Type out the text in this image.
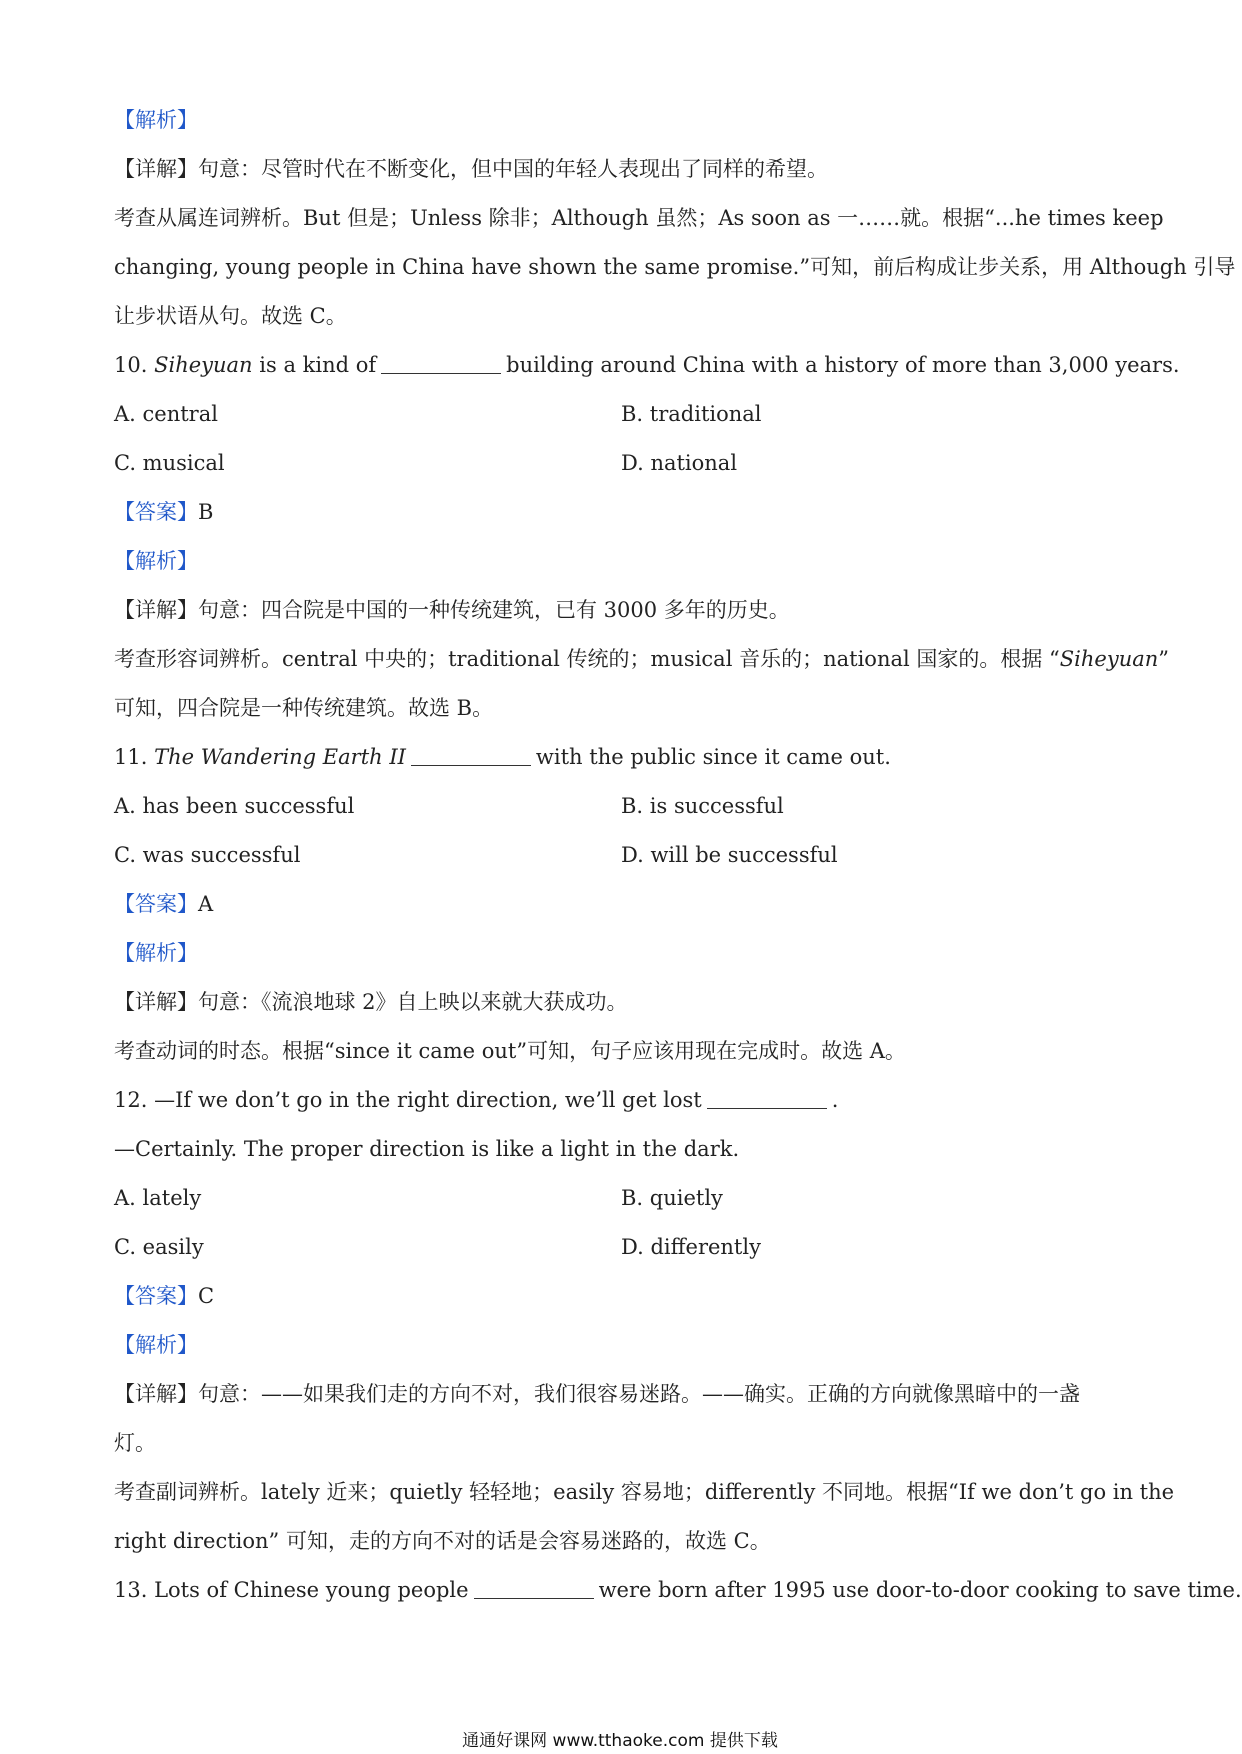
【解析】
【详解】句意：尽管时代在不断变化，但中国的年轻人表现出了同样的希望。
考查从属连词辨析。But 但是；Unless 除非；Although 虽然；As soon as 一……就。根据“...he times keep
changing, young people in China have shown the same promise.”可知，前后构成让步关系，用 Although 引导
让步状语从句。故选 C。
10. Siheyuan is a kind of	building around China with a history of more than 3,000 years.
A. central	B. traditional
C. musical	D. national
【答案】B
【解析】
【详解】句意：四合院是中国的一种传统建筑，已有 3000 多年的历史。
考查形容词辨析。central 中央的；traditional 传统的；musical 音乐的；national 国家的。根据 “Siheyuan”
可知，四合院是一种传统建筑。故选 B。
11. The Wandering Earth II	with the public since it came out.
A. has been successful	B. is successful
C. was successful	D. will be successful
【答案】A
【解析】
【详解】句意：《流浪地球 2》自上映以来就大获成功。
考查动词的时态。根据“since it came out”可知，句子应该用现在完成时。故选 A。
12. —If we don’t go in the right direction, we’ll get lost	.
—Certainly. The proper direction is like a light in the dark.
A. lately	B. quietly
C. easily	D. differently
【答案】C
【解析】
【详解】句意：——如果我们走的方向不对，我们很容易迷路。——确实。正确的方向就像黑暗中的一盏
灯。
考查副词辨析。lately 近来；quietly 轻轻地；easily 容易地；differently 不同地。根据“If we don’t go in the
right direction” 可知，走的方向不对的话是会容易迷路的，故选 C。
13. Lots of Chinese young people	were born after 1995 use door-to-door cooking to save time.
通通好课网 www.tthaoke.com 提供下载
